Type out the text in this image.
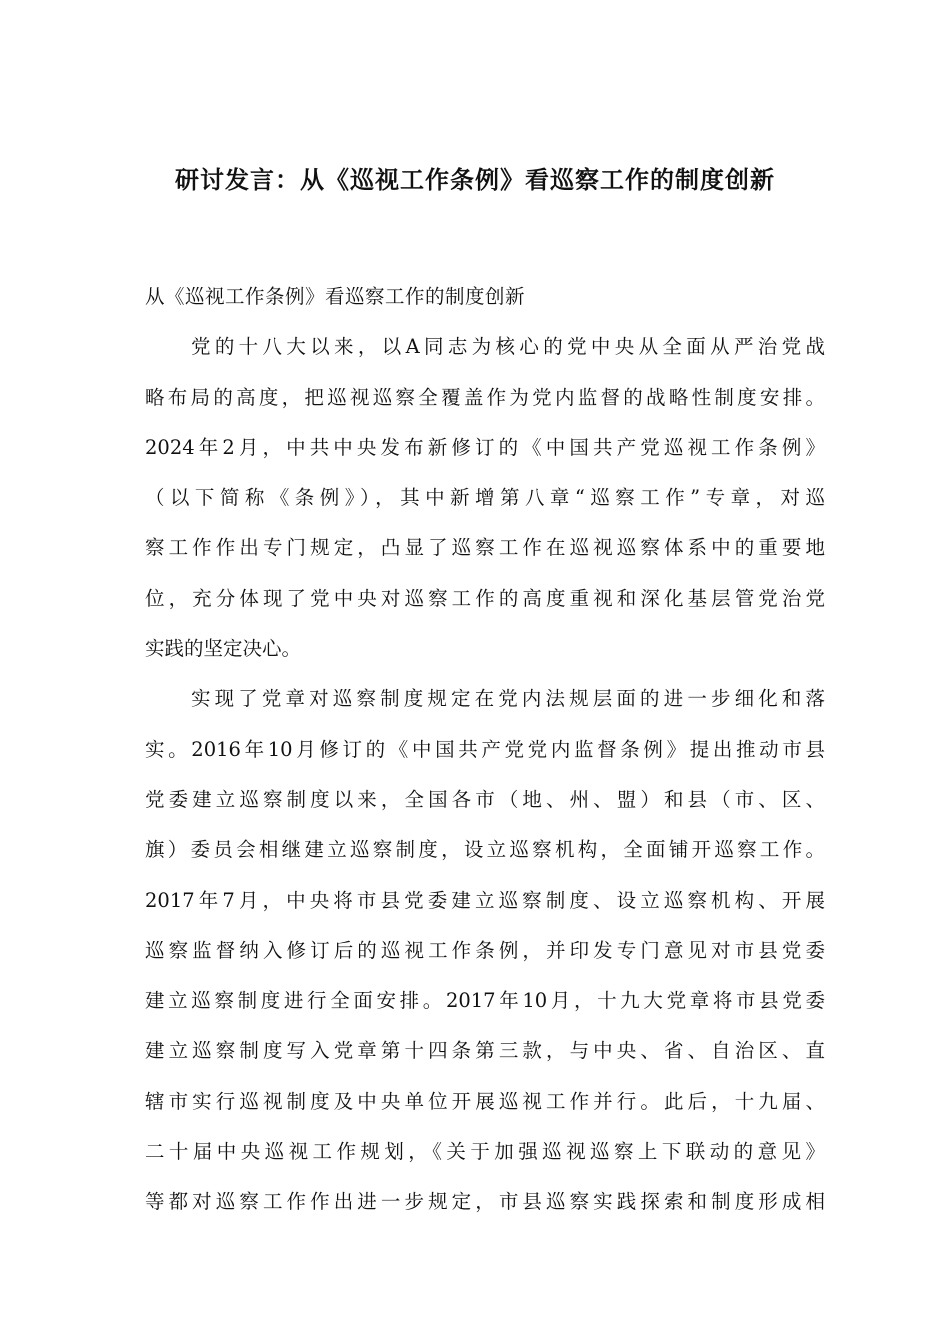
研讨发言：从《巡视工作条例》看巡察工作的制度创新
从《巡视工作条例》看巡察工作的制度创新
党的十八大以来，以A同志为核心的党中央从全面从严治党战
略布局的高度，把巡视巡察全覆盖作为党内监督的战略性制度安排。
2024年2月，中共中央发布新修订的《中国共产党巡视工作条例》
（以下简称《条例》），其中新增第八章“巡察工作”专章，对巡
察工作作出专门规定，凸显了巡察工作在巡视巡察体系中的重要地
位，充分体现了党中央对巡察工作的高度重视和深化基层管党治党
实践的坚定决心。
实现了党章对巡察制度规定在党内法规层面的进一步细化和落
实。2016年10月修订的《中国共产党党内监督条例》提出推动市县
党委建立巡察制度以来，全国各市（地、州、盟）和县（市、区、
旗）委员会相继建立巡察制度，设立巡察机构，全面铺开巡察工作。
2017年7月，中央将市县党委建立巡察制度、设立巡察机构、开展
巡察监督纳入修订后的巡视工作条例，并印发专门意见对市县党委
建立巡察制度进行全面安排。2017年10月，十九大党章将市县党委
建立巡察制度写入党章第十四条第三款，与中央、省、自治区、直
辖市实行巡视制度及中央单位开展巡视工作并行。此后，十九届、
二十届中央巡视工作规划，《关于加强巡视巡察上下联动的意见》
等都对巡察工作作出进一步规定，市县巡察实践探索和制度形成相
